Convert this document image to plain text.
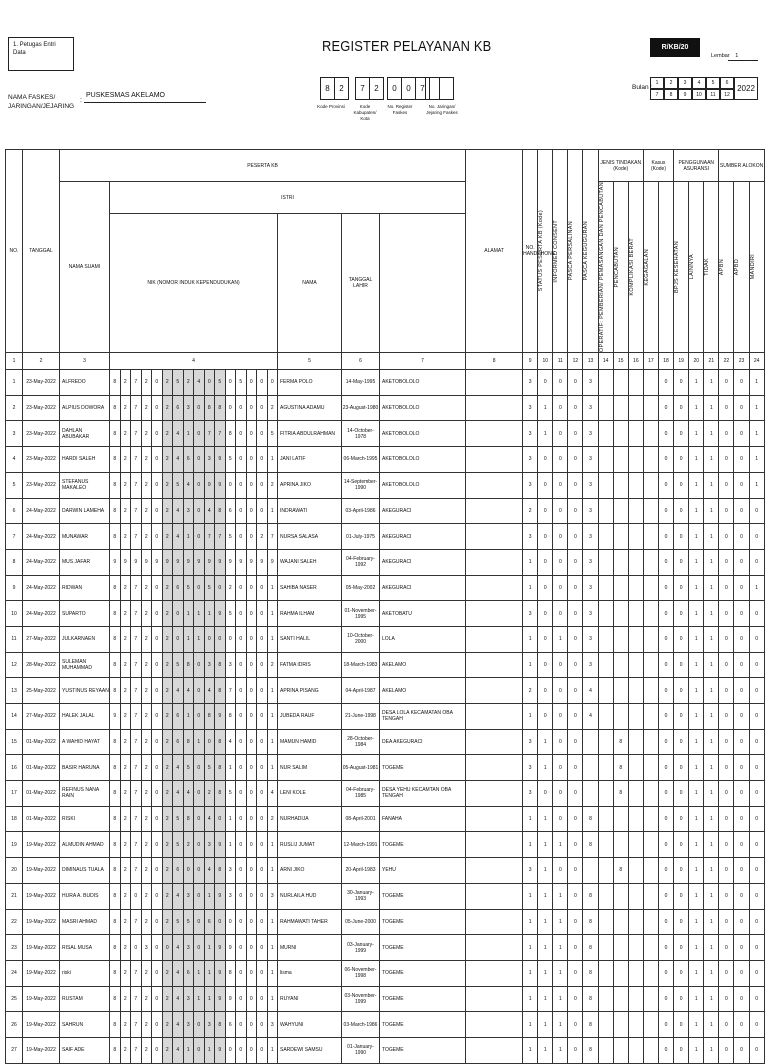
1. Petugas Entri Data	REGISTER PELAYANAN KB	R/KB/20
Lembar 1
NAMA FASKES/
JARINGAN/JEJARING
:
PUSKESMAS AKELAMO
8	2
Kode Provinsi
7	2
Kode Kabupaten/ Kota
0	0	7
No. Register Faskes
No. Jaringan/ Jejaring Faskes
Bulan :
1	2	3	4	5	6
7	8	9	10	11	12
2022
NO.	TANGGAL	PESERTA KB																				ALAMAT	NO. HANDPHONE	STATUS PESERTA KB (Kode)	INFORMED CONSENT	PASCA PERSALINAN	PASCA KEGUGURAN	JENIS TINDAKAN (Kode)			Kasus (Kode)		PENGGUNAAN ASURANSI			SUMBER ALOKON	

		NAMA SUAMI	ISTRI																									OPERATIF: PEMBERIAN/ PEMASANGAN DAN PENCABUTAN	PENCABUTAN	KOMPLIKASI BERAT	KEGAGALAN		BPJS KESEHATAN	LAINNYA	TIDAK	APBN	APBD	MANDIRI	

			NIK (NOMOR INDUK KEPENDUDUKAN)																NAMA	TANGGAL LAHIR																			

1	2	3	4																5	6	7	8	9	10	11	12	13	14	15	16	17	18	19	20	21	22	23	24	
1	23-May-2022	ALFREDO	8	2	7	2	0	2	5	2	4	0	5	0	5	0	0	0	FERMA POLO	14-May-1995	AKETOBOLOLO		3	0	0	0	3					0	0	1	1	0	0	1	
2	23-May-2022	ALPIUS DOWORA	8	2	7	2	0	2	6	3	0	8	8	0	0	0	0	2	AGUSTINA ADAMU	23-August-1980	AKETOBOLOLO		3	1	0	0	3					0	0	1	1	0	0	1	
3	23-May-2022	DAHLAN ABUBAKAR	8	2	7	2	0	2	4	1	0	7	7	8	0	0	0	5	FITRIA ABDULRAHMAN	14-October-1978	AKETOBOLOLO		3	1	0	0	3					0	0	1	1	0	0	1	
4	23-May-2022	HARDI SALEH	8	2	7	2	0	2	4	6	0	3	9	5	0	0	0	1	JANI LATIF	06-March-1995	AKETOBOLOLO		3	0	0	0	3					0	0	1	1	0	0	1	
5	23-May-2022	STEFANUS MAKALEO	8	2	7	2	0	2	5	4	0	9	9	0	0	0	0	2	APRINA JIKO	14-September-1990	AKETOBOLOLO		3	0	0	0	3					0	0	1	1	0	0	1	
6	24-May-2022	DARWIN LAMEHA	8	2	7	2	0	2	4	3	0	4	8	6	0	0	0	1	INDRAWATI	03-April-1986	AKEGURACI		2	0	0	0	3					0	0	1	1	0	0	0	
7	24-May-2022	MUNAWAR	8	2	7	2	0	2	4	1	0	7	7	5	0	0	2	7	NURSA SALASA	01-July-1975	AKEGURACI		3	0	0	0	3					0	0	1	1	0	0	0	
8	24-May-2022	MUS JAFAR	9	9	9	9	9	9	9	9	9	9	9	9	9	9	9	9	WAJANI SALEH	04-February-1992	AKEGURACI		1	0	0	0	3					0	0	1	1	0	0	0	
9	24-May-2022	RIDWAN	8	2	7	2	0	2	6	5	0	5	0	2	0	0	0	1	SAHIBA NASER	05-May-2002	AKEGURACI		1	0	0	0	3					0	0	1	1	0	0	1	
10	24-May-2022	SUPARTO	8	2	7	2	0	2	0	1	1	1	9	5	0	0	0	1	RAHMA ILHAM	01-November-1995	AKETOBATU		3	0	0	0	3					0	0	1	1	0	0	0	
11	27-May-2022	JULKARNAEN	8	2	7	2	0	2	0	1	1	0	0	0	0	0	0	1	SANTI HALIL	10-October-2000	LOLA		1	0	1	0	3					0	0	1	1	0	0	0	
12	28-May-2022	SULEMAN MUHAMMAD	8	2	7	2	0	2	5	8	0	3	8	3	0	0	0	2	FATMA IDRIS	18-March-1983	AKELAMO		1	0	0	0	3					0	0	1	1	0	0	0	
13	25-May-2022	YUSTINUS REYAAN	8	2	7	2	0	2	4	4	0	4	8	7	0	0	0	1	APRINA PISANG	04-April-1987	AKELAMO		2	0	0	0	4					0	0	1	1	0	0	0	
14	27-May-2022	HALEK JALAL	9	2	7	2	0	2	6	1	0	8	9	8	0	0	0	1	JUBEDA RAUF	21-June-1998	DESA LOLA KECAMATAN OBA TENGAH		1	0	0	0	4					0	0	1	1	0	0	0	
15	01-May-2022	A WAHID HAYAT	8	2	7	2	0	2	6	8	1	0	8	4	0	0	0	1	MAMUN HAMID	28-October-1984	DEA AKEGURACI		3	1	0	0			8			0	0	1	1	0	0	0	
16	01-May-2022	BASIR HARUNA	8	2	7	2	0	2	4	5	0	5	8	1	0	0	0	1	NUR SALIM	05-August-1981	TOGEME		3	1	0	0			8			0	0	1	1	0	0	0	
17	01-May-2022	REFINUS NANA RAIN	8	2	7	2	0	2	4	4	0	2	8	5	0	0	0	4	LENI KOLE	04-February-1985	DESA YEHU KECAMTAN OBA TENGAH		3	0	0	0			8			0	0	1	1	0	0	0	
18	01-May-2022	RISKI	8	2	7	2	0	2	5	8	0	4	0	1	0	0	0	2	NURHADIJA	08-April-2001	FANAHA		1	1	0	0	8					0	0	1	1	0	0	0	
19	19-May-2022	ALMUDIN AHMAD	8	2	7	2	0	2	5	2	0	3	9	1	0	0	0	1	RUSLIJ JUMAT	12-March-1991	TOGEME		1	1	1	0	8					0	0	1	1	0	0	0	
20	19-May-2022	DIMINAUS TUALA	8	2	7	2	0	2	6	0	0	4	8	3	0	0	0	1	ARNI JIKO	20-April-1983	YEHU		3	1	0	0			8			0	0	1	1	0	0	0	
21	19-May-2022	HURA A. BUDIS	8	2	0	2	0	2	4	3	0	1	9	3	0	0	0	3	NURLAILA HUD	30-January-1993	TOGEME		1	1	1	0	8					0	0	1	1	0	0	0	
22	19-May-2022	MASRI AHMAD	8	2	7	2	0	2	5	5	0	6	0	0	0	0	0	1	RAHMAWATI TAHER	05-June-2000	TOGEME		1	1	1	0	8					0	0	1	1	0	0	0	
23	19-May-2022	RISAL MUSA	8	2	0	3	0	0	4	3	0	1	9	9	0	0	0	1	MURNI	03-January-1999	TOGEME		1	1	1	0	8					0	0	1	1	0	0	0	
24	19-May-2022	riski	8	2	7	2	0	2	4	6	1	1	9	8	0	0	0	1	lisma	06-November-1998	TOGEME		1	1	1	0	8					0	0	1	1	0	0	0	
25	19-May-2022	RUSTAM	8	2	7	2	0	2	4	3	1	1	9	9	0	0	0	1	RUYANI	03-November-1999	TOGEME		1	1	1	0	8					0	0	1	1	0	0	0	
26	19-May-2022	SAHRUN	8	2	7	2	0	2	4	3	0	3	8	6	0	0	0	3	WAHYUNI	03-March-1986	TOGEME		1	1	1	0	8					0	0	1	1	0	0	0	
27	19-May-2022	SAIF ADE	8	2	7	2	0	2	4	1	0	1	9	0	0	0	0	1	SARDEWI SAMSU	01-January-1990	TOGEME		1	1	1	0	8					0	0	1	1	0	0	0	
